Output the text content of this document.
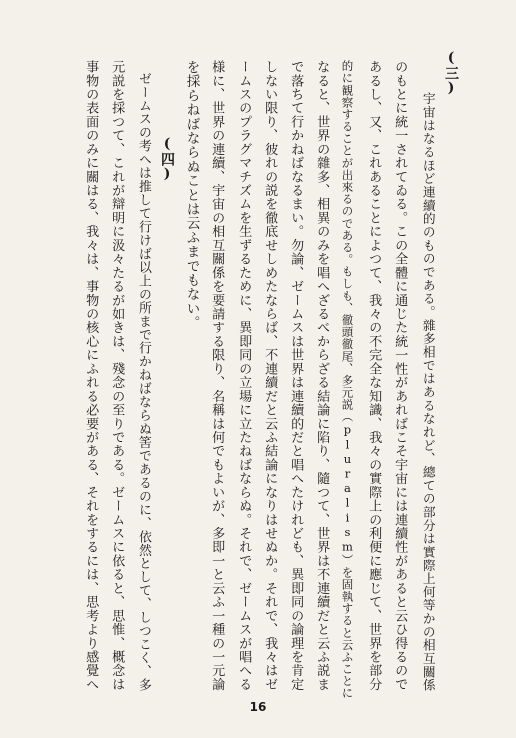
(三)
宇宙はなるほど連續的のものである。雜多相ではあるなれど、總ての部分は實際上何等かの相互關係
のもとに統一されてゐる。この全體に通じた統一性があればこそ宇宙には連續性があると云ひ得るので
あるし、又、これあることによつて、我々の不完全な知識、我々の實際上の利便に應じて、世界を部分
的に観察することが出來るのである。もしも、徹頭徹尾、多元説（pluralism）を固執すると云ふことに
なると、世界の雜多、相異のみを唱へざるべからざる結論に陷り、隨つて、世界は不連續だと云ふ説ま
で落ちて行かねばなるまい。勿論、ゼームスは世界は連續的だと唱へたけれども、異即同の論理を肯定
しない限り、彼れの説を徹底せしめたならば、不連續だと云ふ結論になりはせぬか。それで、我々はゼ
ームスのプラグマチズムを生ずるために、異即同の立場に立たねばならぬ。それで、ゼームスが唱へる
様に、世界の連續、宇宙の相互關係を要請する限り、名稱は何でもよいが、多即一と云ふ一種の一元論
を採らねばならぬことは云ふまでもない。
(四)
ゼームスの考へは推して行けば以上の所まで行かねばならぬ筈であるのに、依然として、しつこく、多
元説を採つて、これが辯明に汲々たるが如きは、殘念の至りである。ゼームスに依ると、思惟、概念は
事物の表面のみに關はる、我々は、事物の核心にふれる必要がある、それをするには、思考より感覺へ
16
